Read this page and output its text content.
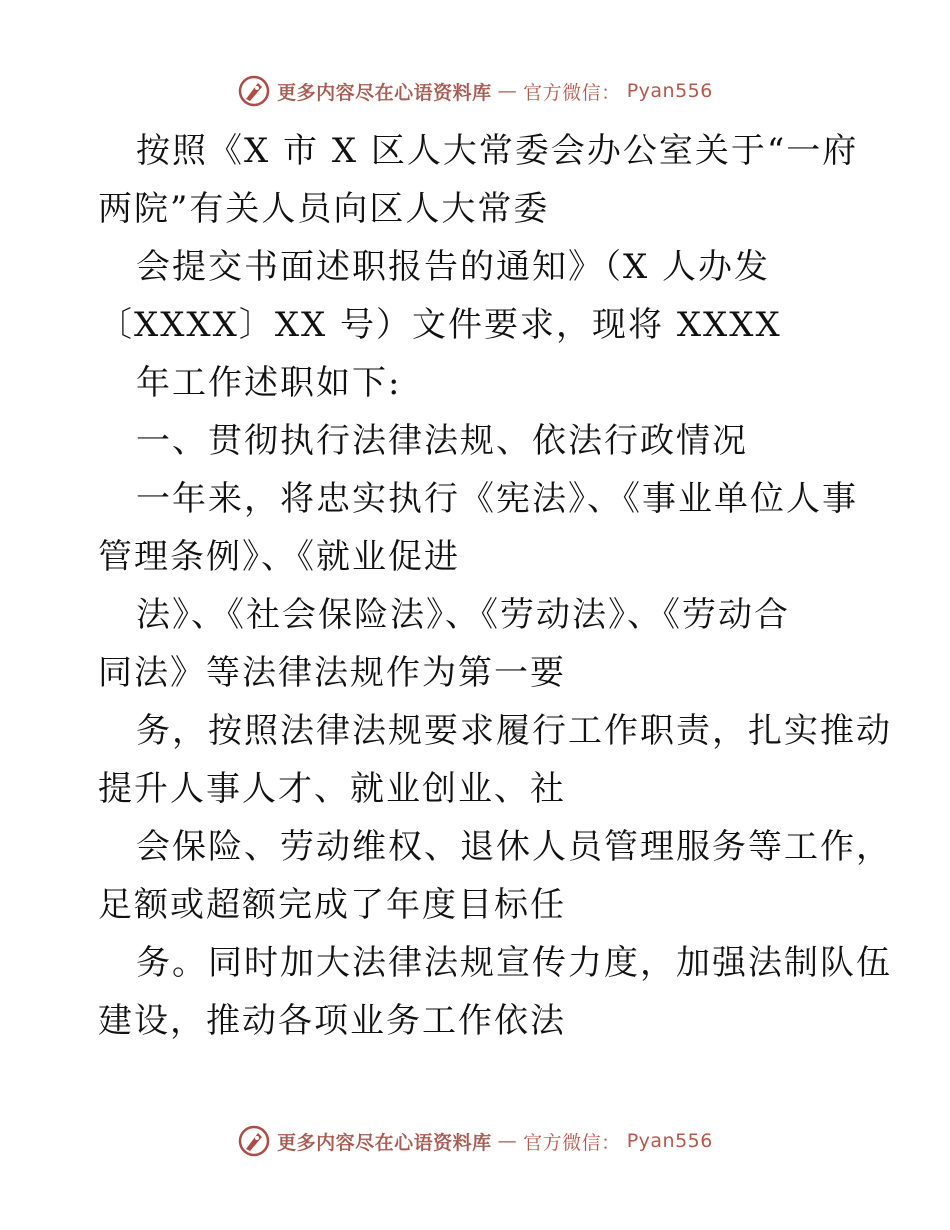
更多内容尽在心语资料库 — 官方微信： Pyan556
按照《X 市 X 区人大常委会办公室关于“一府
两院”有关人员向区人大常委
会提交书面述职报告的通知》（X 人办发
〔XXXX〕XX 号）文件要求，现将 XXXX
年工作述职如下:
一、贯彻执行法律法规、依法行政情况
一年来，将忠实执行《宪法》、《事业单位人事
管理条例》、《就业促进
法》、《社会保险法》、《劳动法》、《劳动合
同法》等法律法规作为第一要
务，按照法律法规要求履行工作职责，扎实推动
提升人事人才、就业创业、社
会保险、劳动维权、退休人员管理服务等工作，
足额或超额完成了年度目标任
务。同时加大法律法规宣传力度，加强法制队伍
建设，推动各项业务工作依法
更多内容尽在心语资料库 — 官方微信： Pyan556
